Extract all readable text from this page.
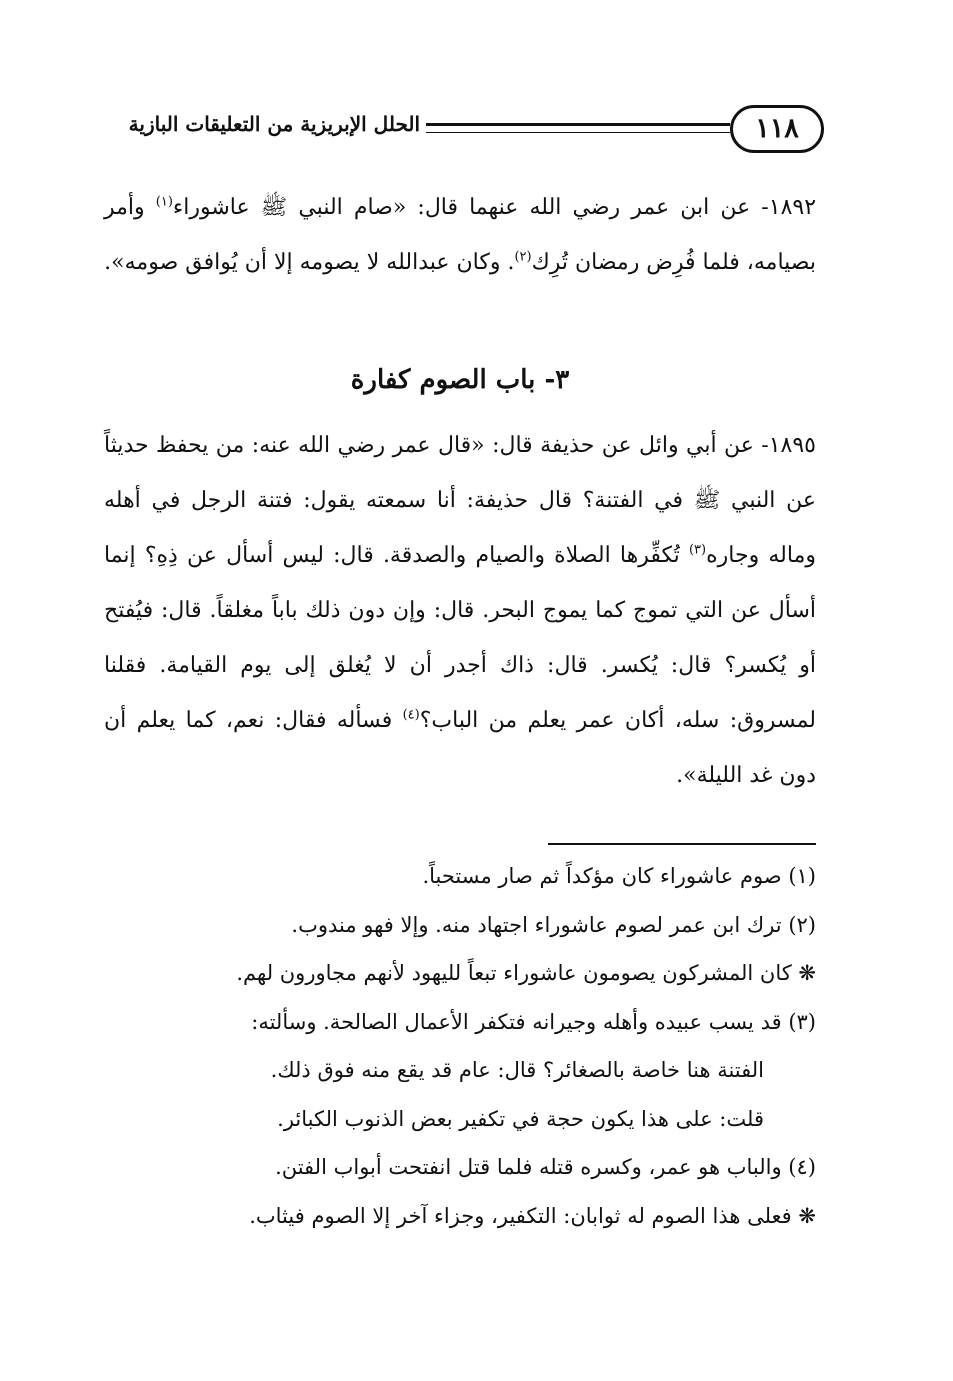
١١٨
الحلل الإبريزية من التعليقات البازية
١٨٩٢- عن ابن عمر رضي الله عنهما قال: «صام النبي ﷺ عاشوراء$^{(١)}$ وأمر بصيامه، فلما فُرِض رمضان تُرِك$^{(٢)}$. وكان عبدالله لا يصومه إلا أن يُوافق صومه».
٣- باب الصوم كفارة
١٨٩٥- عن أبي وائل عن حذيفة قال: «قال عمر رضي الله عنه: من يحفظ حديثاً عن النبي ﷺ في الفتنة؟ قال حذيفة: أنا سمعته يقول: فتنة الرجل في أهله وماله وجاره$^{(٣)}$ تُكفِّرها الصلاة والصيام والصدقة. قال: ليس أسأل عن ذِهِ؟ إنما أسأل عن التي تموج كما يموج البحر. قال: وإن دون ذلك باباً مغلقاً. قال: فيُفتح أو يُكسر؟ قال: يُكسر. قال: ذاك أجدر أن لا يُغلق إلى يوم القيامة. فقلنا لمسروق: سله، أكان عمر يعلم من الباب؟$^{(٤)}$ فسأله فقال: نعم، كما يعلم أن دون غد الليلة».
(١) صوم عاشوراء كان مؤكداً ثم صار مستحباً.
(٢) ترك ابن عمر لصوم عاشوراء اجتهاد منه. وإلا فهو مندوب.
❋ كان المشركون يصومون عاشوراء تبعاً لليهود لأنهم مجاورون لهم.
(٣) قد يسب عبيده وأهله وجيرانه فتكفر الأعمال الصالحة. وسألته:
الفتنة هنا خاصة بالصغائر؟ قال: عام قد يقع منه فوق ذلك.
قلت: على هذا يكون حجة في تكفير بعض الذنوب الكبائر.
(٤) والباب هو عمر، وكسره قتله فلما قتل انفتحت أبواب الفتن.
❋ فعلى هذا الصوم له ثوابان: التكفير، وجزاء آخر إلا الصوم فيثاب.
